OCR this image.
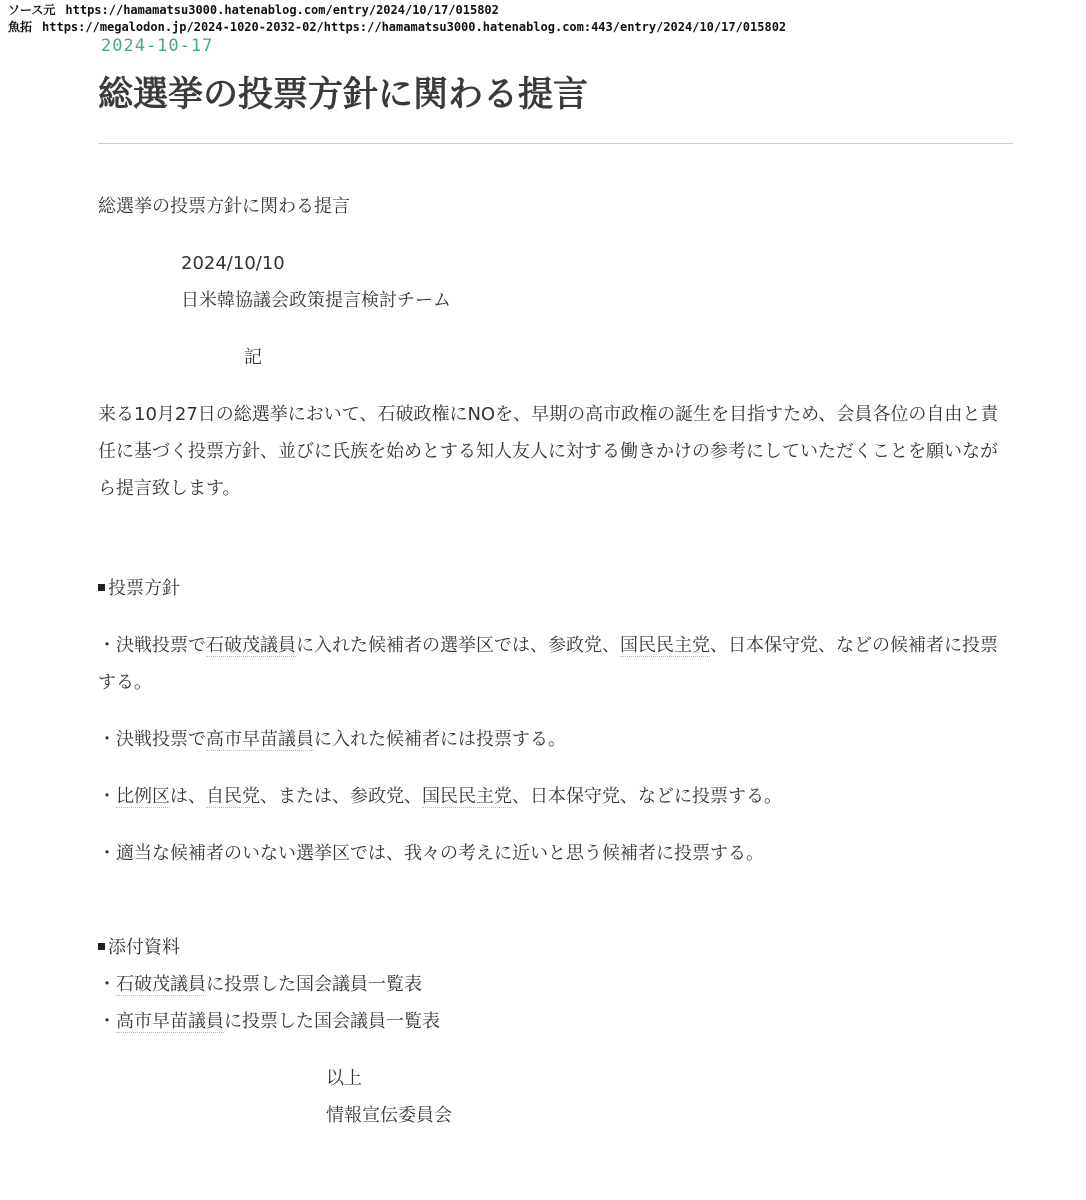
ソース元 https://hamamatsu3000.hatenablog.com/entry/2024/10/17/015802
魚拓 https://megalodon.jp/2024-1020-2032-02/https://hamamatsu3000.hatenablog.com:443/entry/2024/10/17/015802
2024-10-17
総選挙の投票方針に関わる提言

総選挙の投票方針に関わる提言

2024/10/10

日米韓協議会政策提言検討チーム

記

来る10月27日の総選挙において、石破政権にNOを、早期の高市政権の誕生を目指すため、会員各位の自由と責任に基づく投票方針、並びに氏族を始めとする知人友人に対する働きかけの参考にしていただくことを願いながら提言致します。

投票方針

・決戦投票で石破茂議員に入れた候補者の選挙区では、参政党、国民民主党、日本保守党、などの候補者に投票する。

・決戦投票で高市早苗議員に入れた候補者には投票する。

・比例区は、自民党、または、参政党、国民民主党、日本保守党、などに投票する。

・適当な候補者のいない選挙区では、我々の考えに近いと思う候補者に投票する。

添付資料

・石破茂議員に投票した国会議員一覧表

・高市早苗議員に投票した国会議員一覧表

以上

情報宣伝委員会
